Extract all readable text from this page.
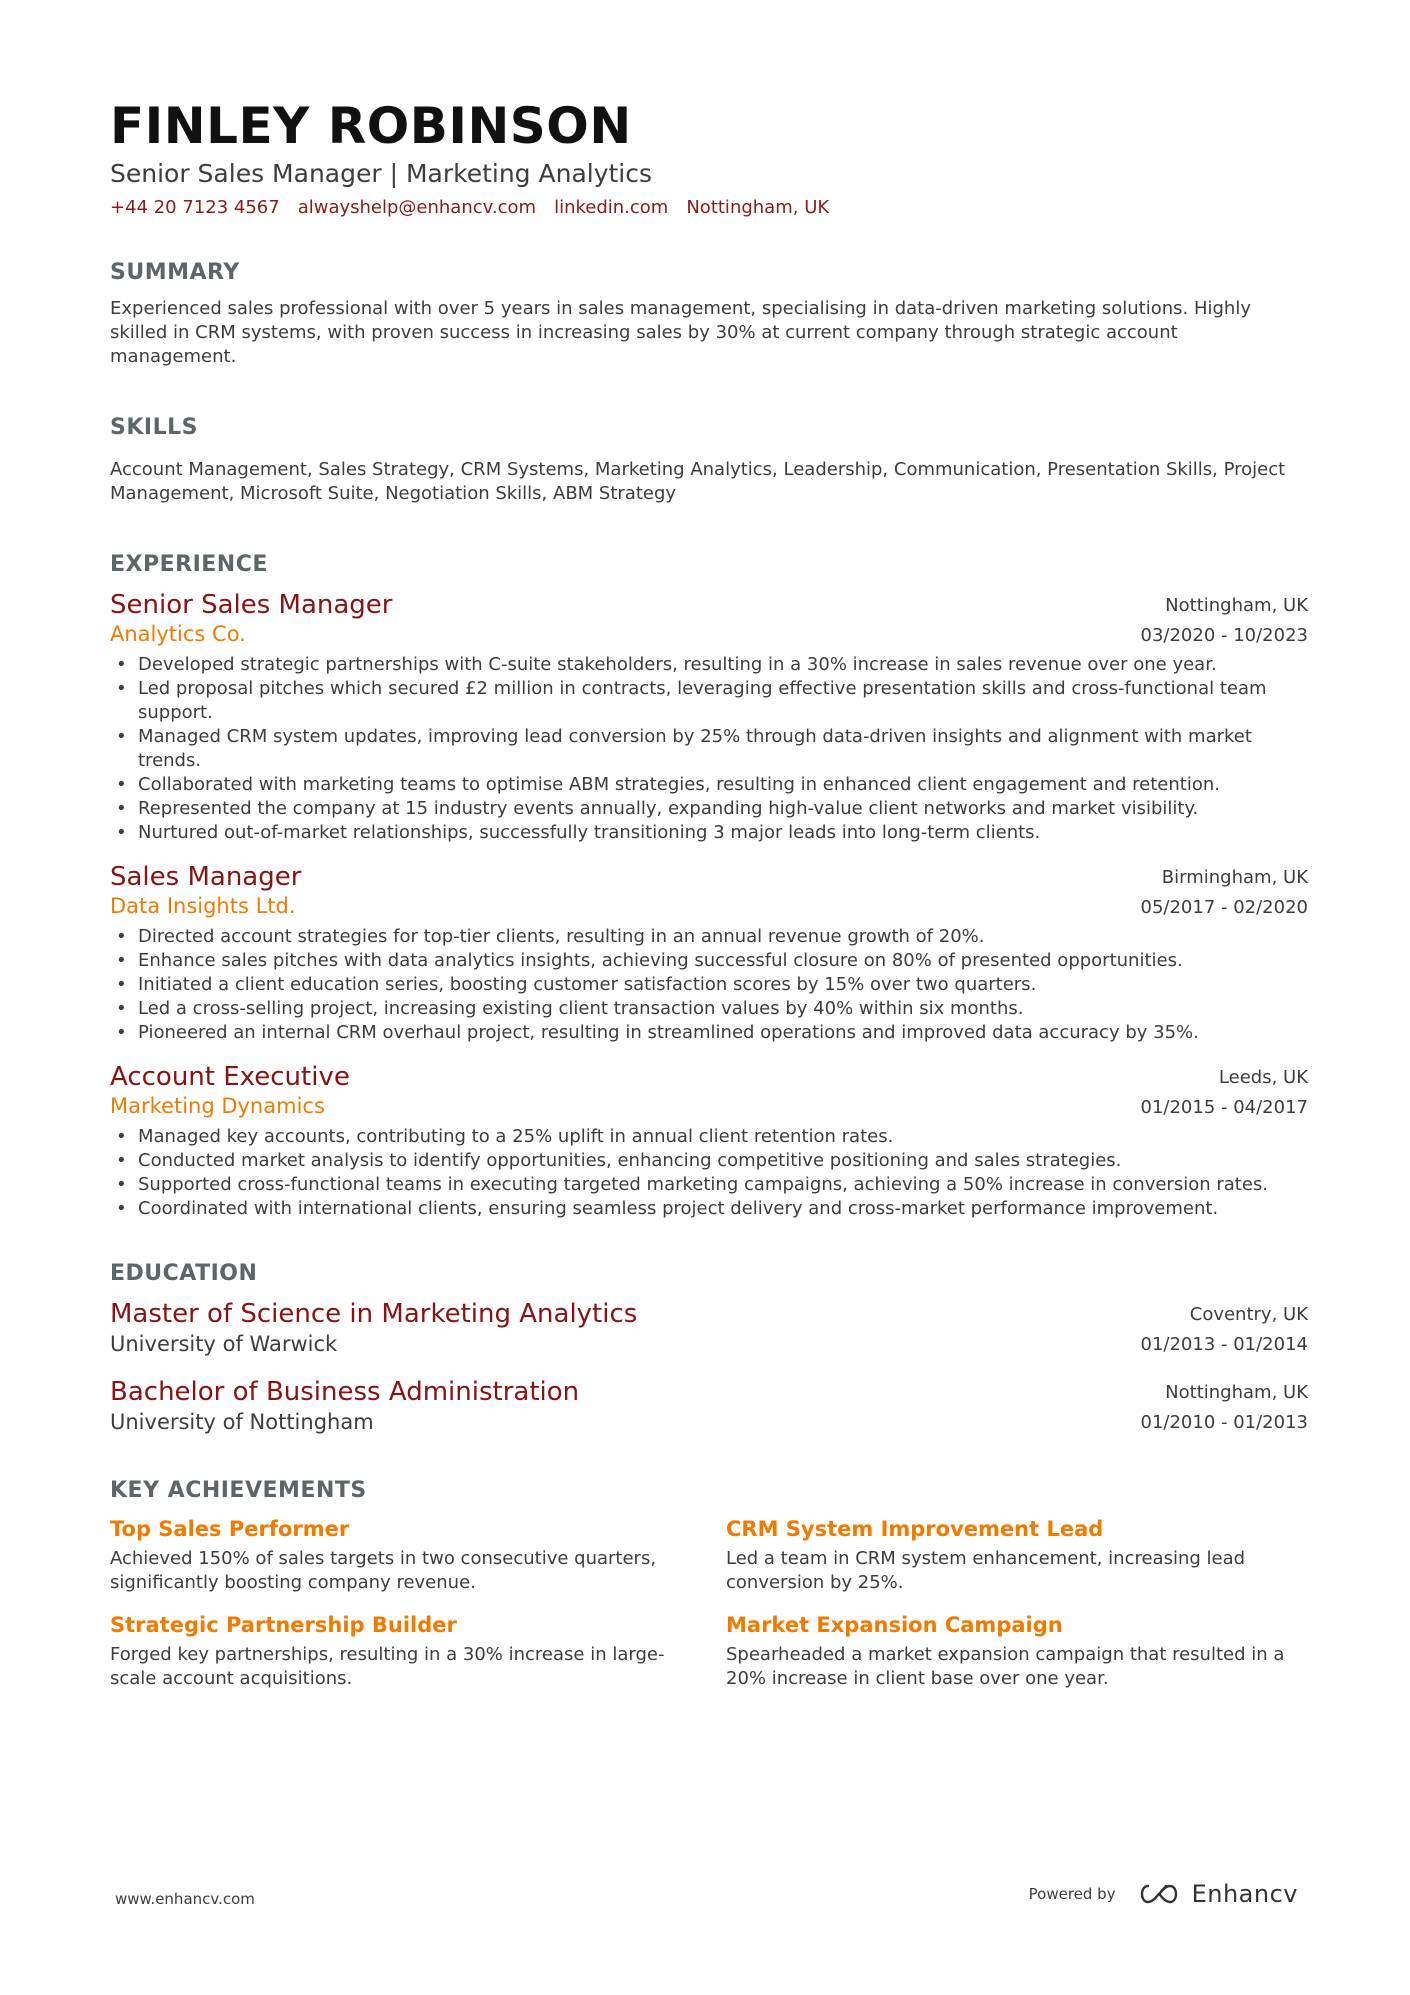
FINLEY ROBINSON
Senior Sales Manager | Marketing Analytics
+44 20 7123 4567 alwayshelp@enhancv.com linkedin.com Nottingham, UK
SUMMARY
Experienced sales professional with over 5 years in sales management, specialising in data-driven marketing solutions. Highly skilled in CRM systems, with proven success in increasing sales by 30% at current company through strategic account management.
SKILLS
Account Management, Sales Strategy, CRM Systems, Marketing Analytics, Leadership, Communication, Presentation Skills, Project Management, Microsoft Suite, Negotiation Skills, ABM Strategy
EXPERIENCE
Senior Sales Manager
Analytics Co.
Nottingham, UK
03/2020 - 10/2023
• Developed strategic partnerships with C-suite stakeholders, resulting in a 30% increase in sales revenue over one year.
• Led proposal pitches which secured £2 million in contracts, leveraging effective presentation skills and cross-functional team support.
• Managed CRM system updates, improving lead conversion by 25% through data-driven insights and alignment with market trends.
• Collaborated with marketing teams to optimise ABM strategies, resulting in enhanced client engagement and retention.
• Represented the company at 15 industry events annually, expanding high-value client networks and market visibility.
• Nurtured out-of-market relationships, successfully transitioning 3 major leads into long-term clients.
Sales Manager
Data Insights Ltd.
Birmingham, UK
05/2017 - 02/2020
• Directed account strategies for top-tier clients, resulting in an annual revenue growth of 20%.
• Enhance sales pitches with data analytics insights, achieving successful closure on 80% of presented opportunities.
• Initiated a client education series, boosting customer satisfaction scores by 15% over two quarters.
• Led a cross-selling project, increasing existing client transaction values by 40% within six months.
• Pioneered an internal CRM overhaul project, resulting in streamlined operations and improved data accuracy by 35%.
Account Executive
Marketing Dynamics
Leeds, UK
01/2015 - 04/2017
• Managed key accounts, contributing to a 25% uplift in annual client retention rates.
• Conducted market analysis to identify opportunities, enhancing competitive positioning and sales strategies.
• Supported cross-functional teams in executing targeted marketing campaigns, achieving a 50% increase in conversion rates.
• Coordinated with international clients, ensuring seamless project delivery and cross-market performance improvement.
EDUCATION
Master of Science in Marketing Analytics
University of Warwick
Coventry, UK
01/2013 - 01/2014
Bachelor of Business Administration
University of Nottingham
Nottingham, UK
01/2010 - 01/2013
KEY ACHIEVEMENTS
Top Sales Performer
Achieved 150% of sales targets in two consecutive quarters, significantly boosting company revenue.
CRM System Improvement Lead
Led a team in CRM system enhancement, increasing lead conversion by 25%.
Strategic Partnership Builder
Forged key partnerships, resulting in a 30% increase in large-scale account acquisitions.
Market Expansion Campaign
Spearheaded a market expansion campaign that resulted in a 20% increase in client base over one year.
www.enhancv.com	Powered by	Enhancv
